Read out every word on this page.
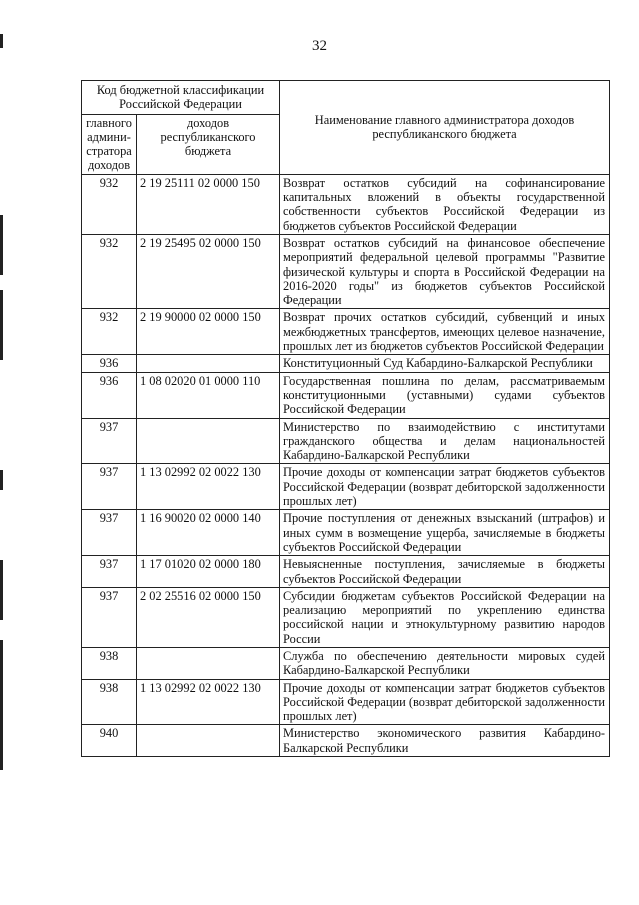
32
Код бюджетной классификации Российской Федерации		Наименование главного администратора доходов республиканского бюджета
главного админи-стратора доходов	доходов республиканского бюджета	
932	2 19 25111 02 0000 150	Возврат остатков субсидий на софинансирование капитальных вложений в объекты государственной собственности субъектов Российской Федерации из бюджетов субъектов Российской Федерации
932	2 19 25495 02 0000 150	Возврат остатков субсидий на финансовое обеспечение мероприятий федеральной целевой программы "Развитие физической культуры и спорта в Российской Федерации на 2016-2020 годы" из бюджетов субъектов Российской Федерации
932	2 19 90000 02 0000 150	Возврат прочих остатков субсидий, субвенций и иных межбюджетных трансфертов, имеющих целевое назначение, прошлых лет из бюджетов субъектов Российской Федерации
936		Конституционный Суд Кабардино-Балкарской Республики
936	1 08 02020 01 0000 110	Государственная пошлина по делам, рассматриваемым конституционными (уставными) судами субъектов Российской Федерации
937		Министерство по взаимодействию с институтами гражданского общества и делам национальностей Кабардино-Балкарской Республики
937	1 13 02992 02 0022 130	Прочие доходы от компенсации затрат бюджетов субъектов Российской Федерации (возврат дебиторской задолженности прошлых лет)
937	1 16 90020 02 0000 140	Прочие поступления от денежных взысканий (штрафов) и иных сумм в возмещение ущерба, зачисляемые в бюджеты субъектов Российской Федерации
937	1 17 01020 02 0000 180	Невыясненные поступления, зачисляемые в бюджеты субъектов Российской Федерации
937	2 02 25516 02 0000 150	Субсидии бюджетам субъектов Российской Федерации на реализацию мероприятий по укреплению единства российской нации и этнокультурному развитию народов России
938		Служба по обеспечению деятельности мировых судей Кабардино-Балкарской Республики
938	1 13 02992 02 0022 130	Прочие доходы от компенсации затрат бюджетов субъектов Российской Федерации (возврат дебиторской задолженности прошлых лет)
940		Министерство экономического развития Кабардино-Балкарской Республики
